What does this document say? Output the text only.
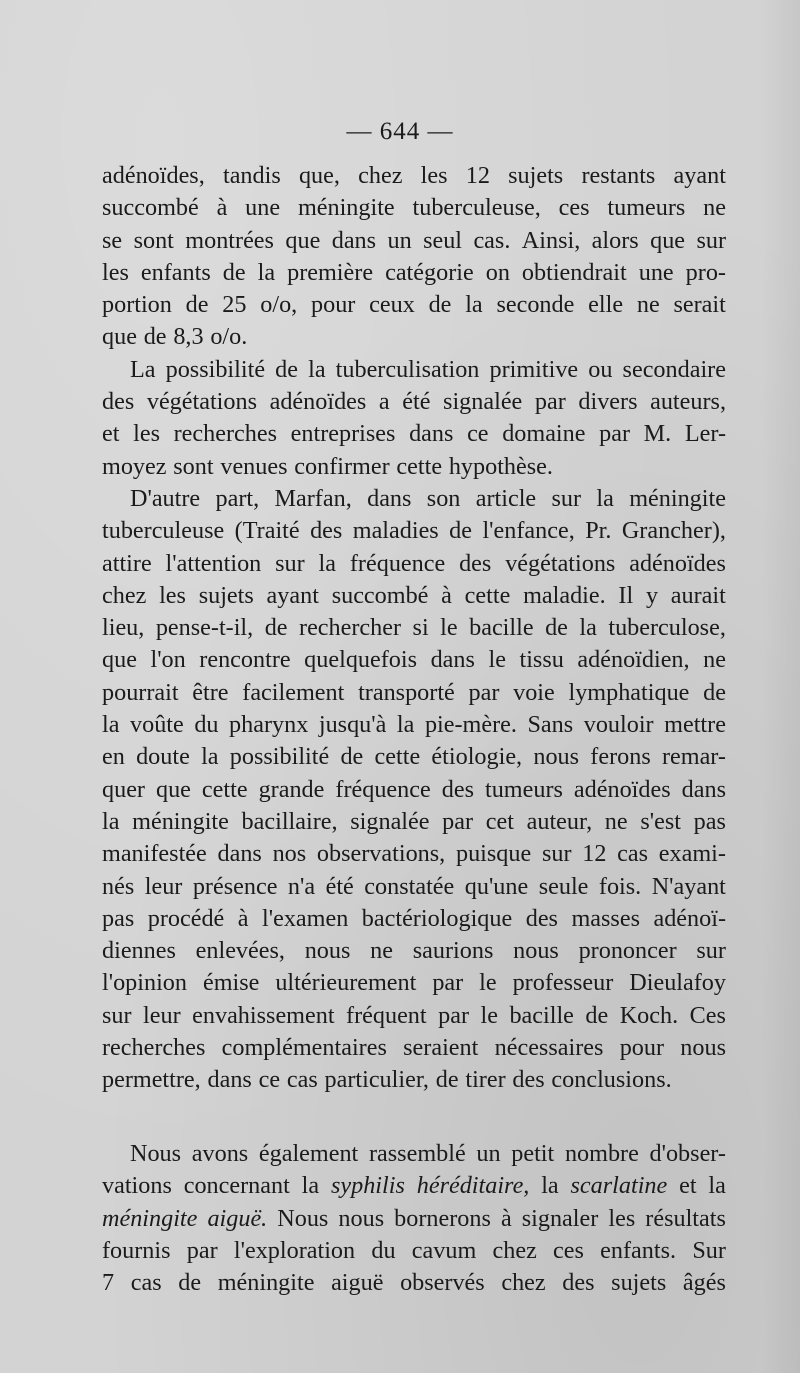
— 644 —
adénoïdes, tandis que, chez les 12 sujets restants ayant
succombé à une méningite tuberculeuse, ces tumeurs ne
se sont montrées que dans un seul cas. Ainsi, alors que sur
les enfants de la première catégorie on obtiendrait une pro-
portion de 25 o/o, pour ceux de la seconde elle ne serait
que de 8,3 o/o.
La possibilité de la tuberculisation primitive ou secondaire
des végétations adénoïdes a été signalée par divers auteurs,
et les recherches entreprises dans ce domaine par M. Ler-
moyez sont venues confirmer cette hypothèse.
D'autre part, Marfan, dans son article sur la méningite
tuberculeuse (Traité des maladies de l'enfance, Pr. Grancher),
attire l'attention sur la fréquence des végétations adénoïdes
chez les sujets ayant succombé à cette maladie. Il y aurait
lieu, pense-t-il, de rechercher si le bacille de la tuberculose,
que l'on rencontre quelquefois dans le tissu adénoïdien, ne
pourrait être facilement transporté par voie lymphatique de
la voûte du pharynx jusqu'à la pie-mère. Sans vouloir mettre
en doute la possibilité de cette étiologie, nous ferons remar-
quer que cette grande fréquence des tumeurs adénoïdes dans
la méningite bacillaire, signalée par cet auteur, ne s'est pas
manifestée dans nos observations, puisque sur 12 cas exami-
nés leur présence n'a été constatée qu'une seule fois. N'ayant
pas procédé à l'examen bactériologique des masses adénoï-
diennes enlevées, nous ne saurions nous prononcer sur
l'opinion émise ultérieurement par le professeur Dieulafoy
sur leur envahissement fréquent par le bacille de Koch. Ces
recherches complémentaires seraient nécessaires pour nous
permettre, dans ce cas particulier, de tirer des conclusions.
Nous avons également rassemblé un petit nombre d'obser-
vations concernant la syphilis héréditaire, la scarlatine et la
méningite aiguë. Nous nous bornerons à signaler les résultats
fournis par l'exploration du cavum chez ces enfants. Sur
7 cas de méningite aiguë observés chez des sujets âgés
